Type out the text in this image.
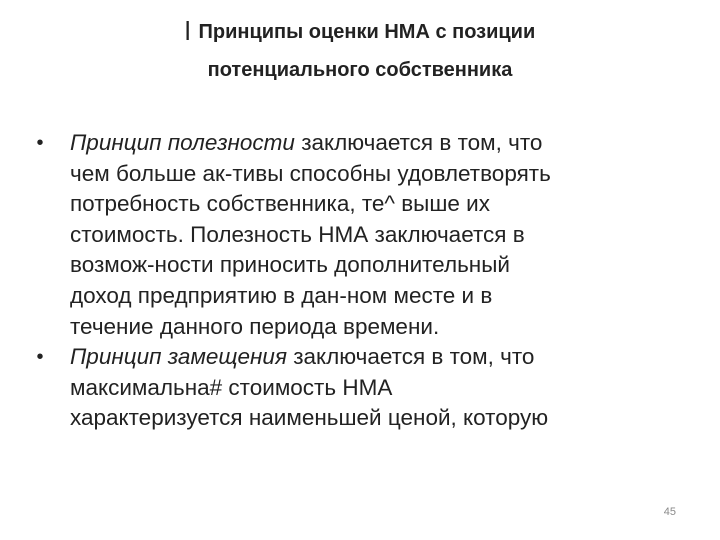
l Принципы оценки НМА с позиции
потенциального собственника
• Принцип полезности заключается в том, что
чем больше ак-тивы способны удовлетворять
потребность собственника, те^ выше их
стоимость. Полезность НМА заключается в
возмож-ности приносить дополнительный
доход предприятию в дан-ном месте и в
течение данного периода времени.
• Принцип замещения заключается в том, что
максимальна# стоимость НМА
характеризуется наименьшей ценой, которую
45
